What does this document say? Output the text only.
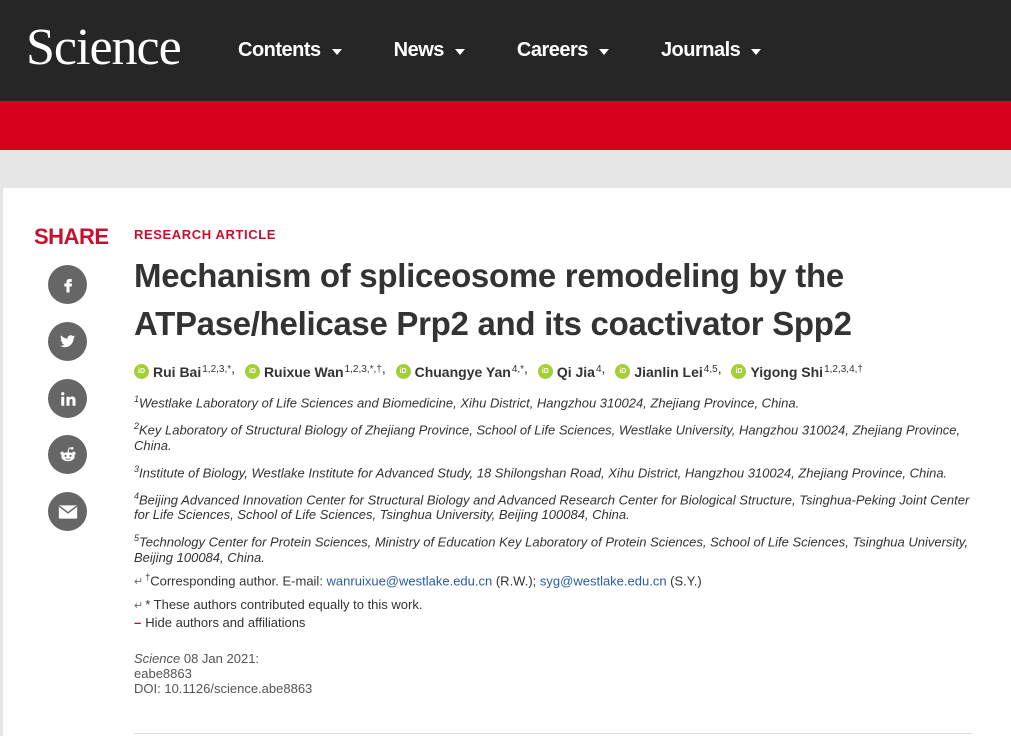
Science	Contents	News	Careers	Journals
SHARE RESEARCH ARTICLE
Mechanism of spliceosome remodeling by the
ATPase/helicase Prp2 and its coactivator Spp2
iD Rui Bai$^{1,2,3,*}$ ,	iD Ruixue Wan$^{1,2,3,*,\dagger}$ ,	iD Chuangye Yan$^{4,*}$ ,	iD Qi Jia$^4$ ,	iD Jianlin Lei$^{4,5}$ ,	iD Yigong Shi$^{1,2,3,4,\dagger}$
$^1$Westlake Laboratory of Life Sciences and Biomedicine, Xihu District, Hangzhou 310024, Zhejiang Province, China.
$^2$Key Laboratory of Structural Biology of Zhejiang Province, School of Life Sciences, Westlake University, Hangzhou 310024, Zhejiang Province, China.
$^3$Institute of Biology, Westlake Institute for Advanced Study, 18 Shilongshan Road, Xihu District, Hangzhou 310024, Zhejiang Province, China.
$^4$Beijing Advanced Innovation Center for Structural Biology and Advanced Research Center for Biological Structure, Tsinghua-Peking Joint Center for Life Sciences, School of Life Sciences, Tsinghua University, Beijing 100084, China.
$^5$Technology Center for Protein Sciences, Ministry of Education Key Laboratory of Protein Sciences, School of Life Sciences, Tsinghua University, Beijing 100084, China.
↵ †Corresponding author. E-mail: wanruixue@westlake.edu.cn (R.W.); syg@westlake.edu.cn (S.Y.)
↵ * These authors contributed equally to this work.
– Hide authors and affiliations
Science 08 Jan 2021:
eabe8863
DOI: 10.1126/science.abe8863
